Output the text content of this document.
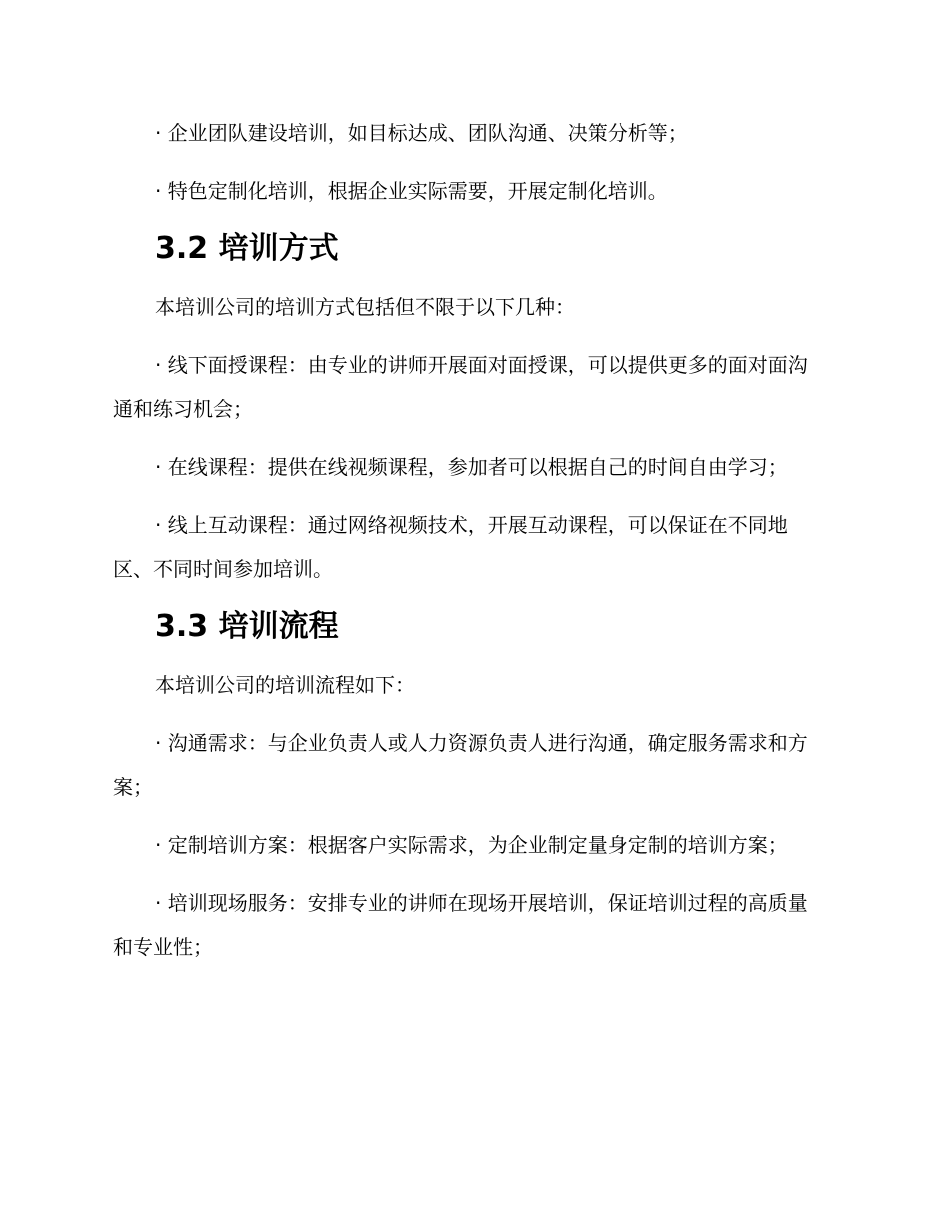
· 企业团队建设培训，如目标达成、团队沟通、决策分析等；

· 特色定制化培训，根据企业实际需要，开展定制化培训。

3.2 培训方式

本培训公司的培训方式包括但不限于以下几种：

· 线下面授课程：由专业的讲师开展面对面授课，可以提供更多的面对面沟通和练习机会；

· 在线课程：提供在线视频课程，参加者可以根据自己的时间自由学习；

· 线上互动课程：通过网络视频技术，开展互动课程，可以保证在不同地区、不同时间参加培训。

3.3 培训流程

本培训公司的培训流程如下：

· 沟通需求：与企业负责人或人力资源负责人进行沟通，确定服务需求和方案；

· 定制培训方案：根据客户实际需求，为企业制定量身定制的培训方案；

· 培训现场服务：安排专业的讲师在现场开展培训，保证培训过程的高质量和专业性；
